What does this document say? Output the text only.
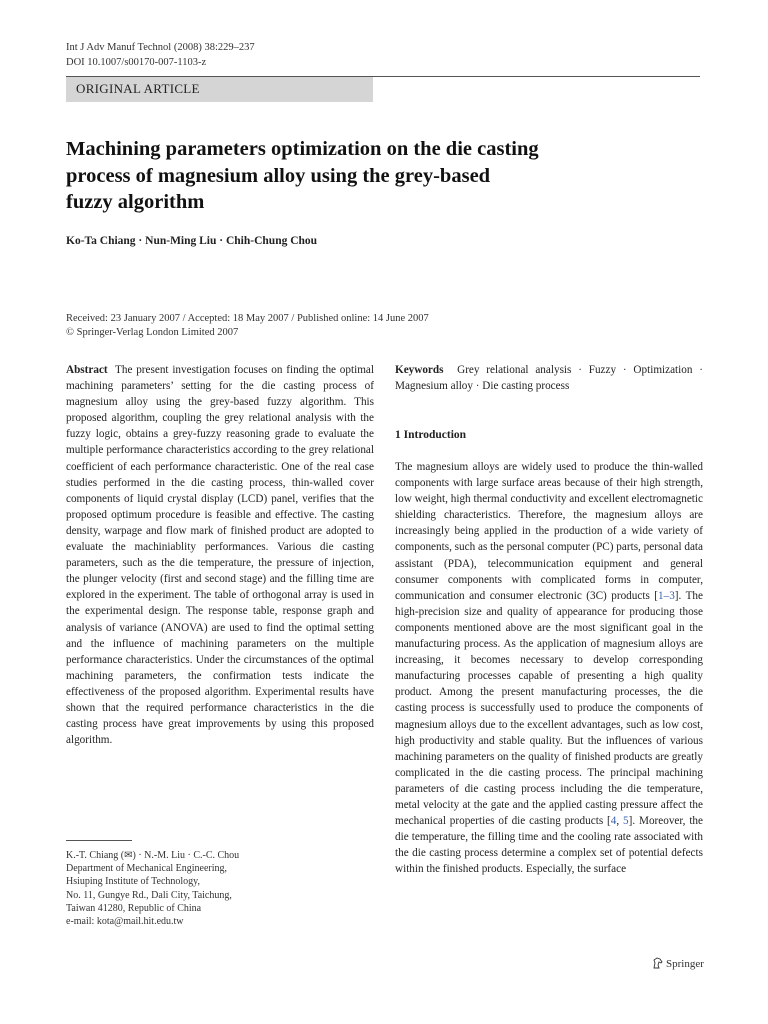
Int J Adv Manuf Technol (2008) 38:229–237
DOI 10.1007/s00170-007-1103-z
ORIGINAL ARTICLE
Machining parameters optimization on the die casting
process of magnesium alloy using the grey-based
fuzzy algorithm
Ko-Ta Chiang · Nun-Ming Liu · Chih-Chung Chou
Received: 23 January 2007 / Accepted: 18 May 2007 / Published online: 14 June 2007
© Springer-Verlag London Limited 2007
Abstract The present investigation focuses on finding the optimal machining parameters’ setting for the die casting process of magnesium alloy using the grey-based fuzzy algorithm. This proposed algorithm, coupling the grey relational analysis with the fuzzy logic, obtains a grey-fuzzy reasoning grade to evaluate the multiple performance characteristics according to the grey relational coefficient of each performance characteristic. One of the real case studies performed in the die casting process, thin-walled cover components of liquid crystal display (LCD) panel, verifies that the proposed optimum procedure is feasible and effective. The casting density, warpage and flow mark of finished product are adopted to evaluate the machiniablity performances. Various die casting parameters, such as the die temperature, the pressure of injection, the plunger velocity (first and second stage) and the filling time are explored in the experiment. The table of orthogonal array is used in the experimental design. The response table, response graph and analysis of variance (ANOVA) are used to find the optimal setting and the influence of machining parameters on the multiple performance characteristics. Under the circumstances of the optimal machining parameters, the confirmation tests indicate the effectiveness of the proposed algorithm. Experimental results have shown that the required performance characteristics in the die casting process have great improvements by using this proposed algorithm.
Keywords Grey relational analysis · Fuzzy · Optimization · Magnesium alloy · Die casting process
1 Introduction
The magnesium alloys are widely used to produce the thin-walled components with large surface areas because of their high strength, low weight, high thermal conductivity and excellent electromagnetic shielding characteristics. Therefore, the magnesium alloys are increasingly being applied in the production of a wide variety of components, such as the personal computer (PC) parts, personal data assistant (PDA), telecommunication equipment and general consumer components with complicated forms in computer, communication and consumer electronic (3C) products [1–3]. The high-precision size and quality of appearance for producing those components mentioned above are the most significant goal in the manufacturing process. As the application of magnesium alloys are increasing, it becomes necessary to develop corresponding manufacturing processes capable of presenting a high quality product. Among the present manufacturing processes, the die casting process is successfully used to produce the components of magnesium alloys due to the excellent advantages, such as low cost, high productivity and stable quality. But the influences of various machining parameters on the quality of finished products are greatly complicated in the die casting process. The principal machining parameters of die casting process including the die temperature, metal velocity at the gate and the applied casting pressure affect the mechanical properties of die casting products [4, 5]. Moreover, the die temperature, the filling time and the cooling rate associated with the die casting process determine a complex set of potential defects within the finished products. Especially, the surface
K.-T. Chiang (✉) · N.-M. Liu · C.-C. Chou
Department of Mechanical Engineering,
Hsiuping Institute of Technology,
No. 11, Gungye Rd., Dali City, Taichung,
Taiwan 41280, Republic of China
e-mail: kota@mail.hit.edu.tw
Springer
